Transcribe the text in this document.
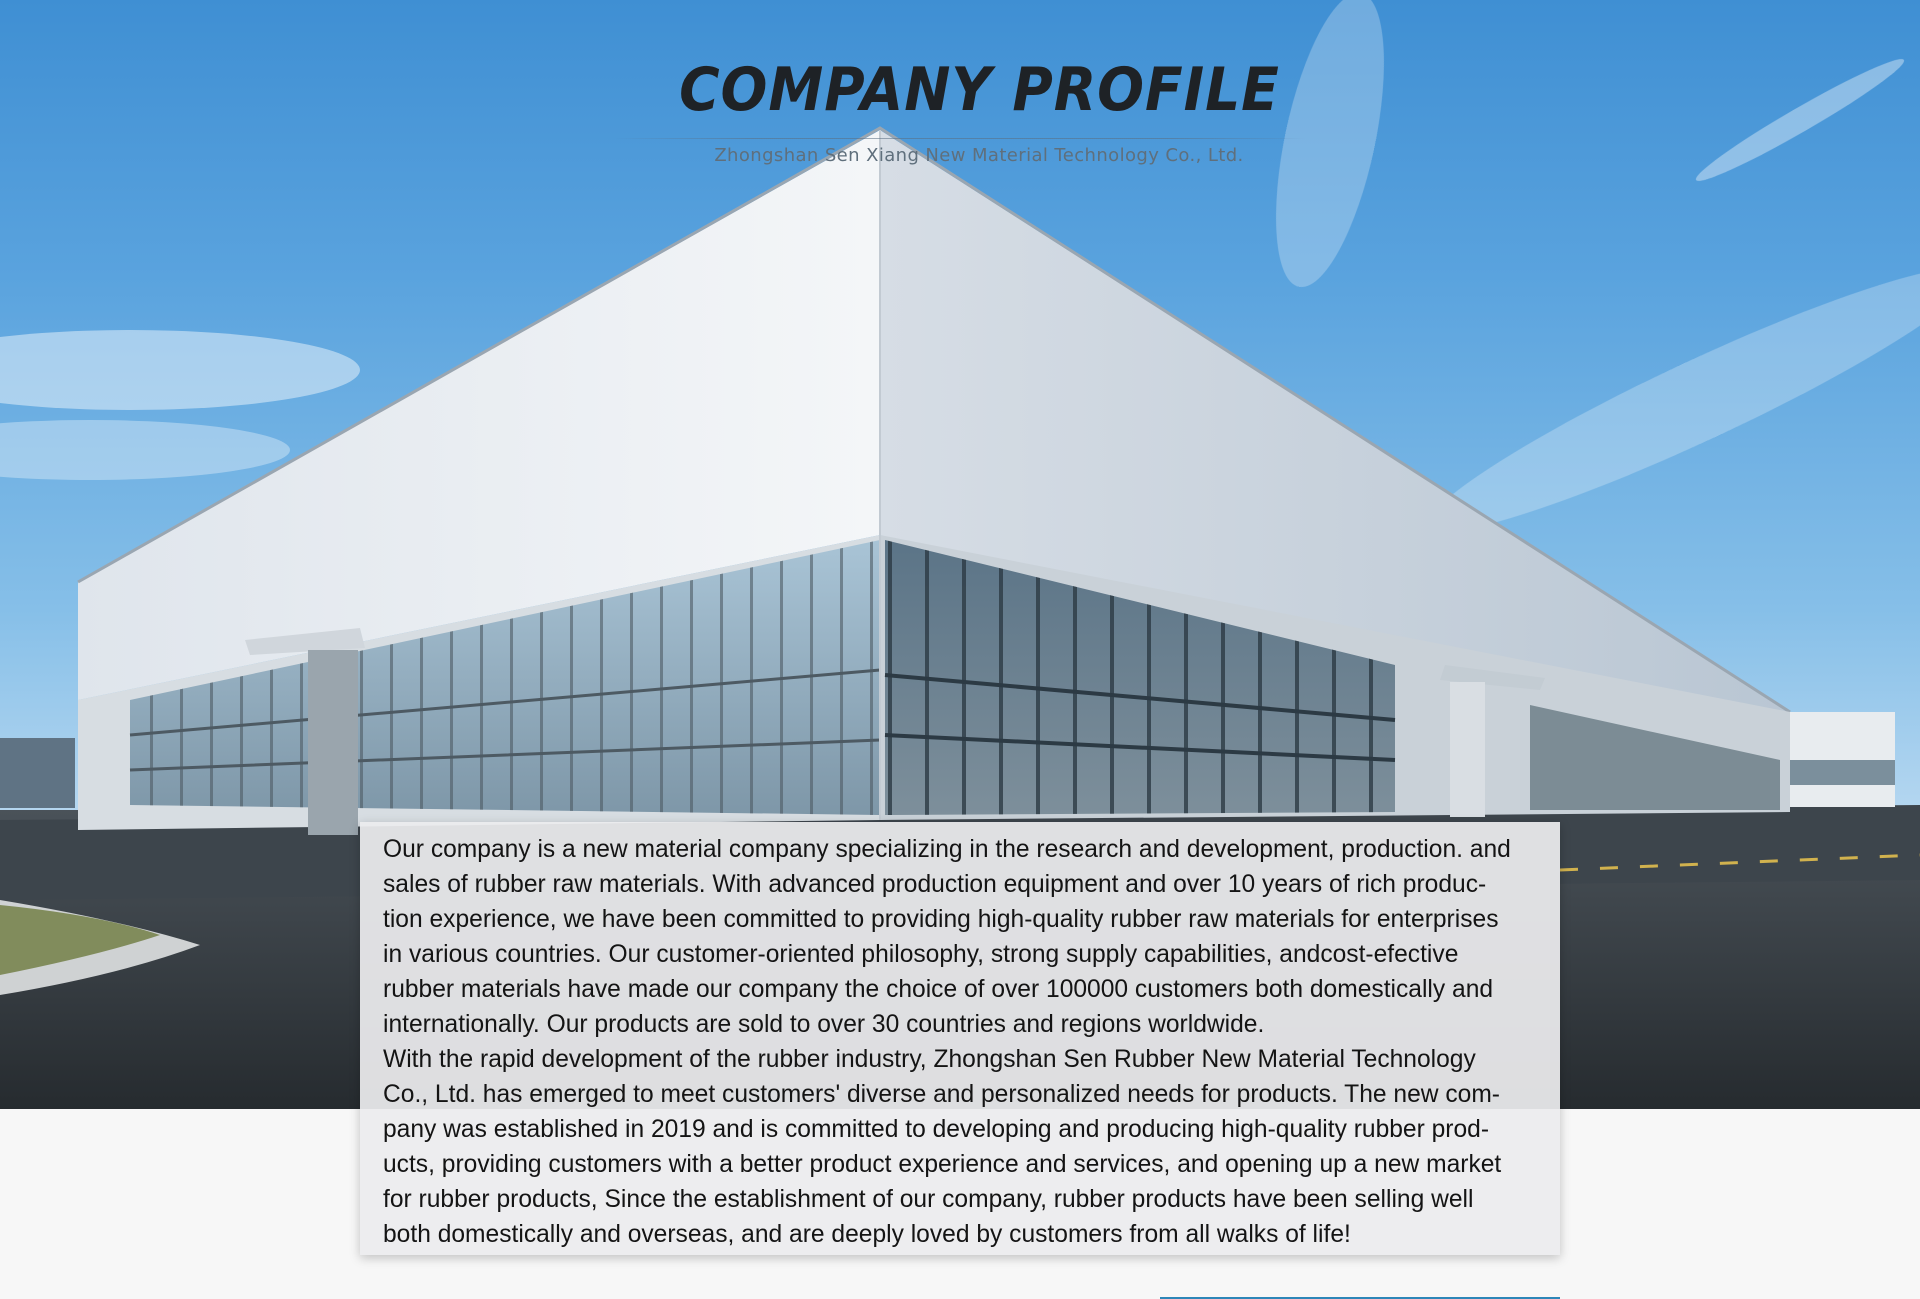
COMPANY PROFILE
Zhongshan Sen Xiang New Material Technology Co., Ltd.

Our company is a new material company specializing in the research and development, production. and

sales of rubber raw materials. With advanced production equipment and over 10 years of rich produc-

tion experience, we have been committed to providing high-quality rubber raw materials for enterprises

in various countries. Our customer-oriented philosophy, strong supply capabilities, andcost-efective

rubber materials have made our company the choice of over 100000 customers both domestically and

internationally. Our products are sold to over 30 countries and regions worldwide.

With the rapid development of the rubber industry, Zhongshan Sen Rubber New Material Technology

Co., Ltd. has emerged to meet customers' diverse and personalized needs for products. The new com-

pany was established in 2019 and is committed to developing and producing high-quality rubber prod-

ucts, providing customers with a better product experience and services, and opening up a new market

for rubber products, Since the establishment of our company, rubber products have been selling well

both domestically and overseas, and are deeply loved by customers from all walks of life!
